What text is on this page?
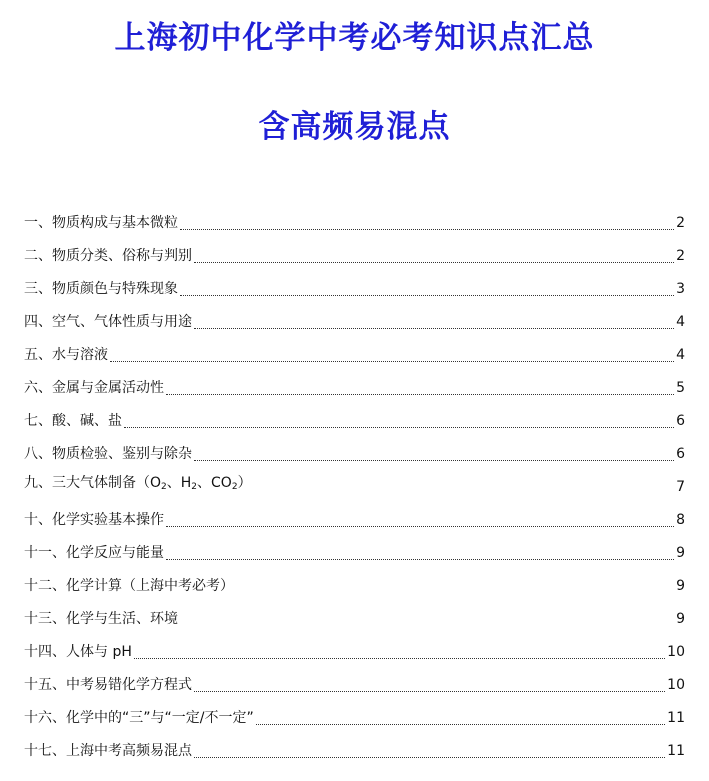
上海初中化学中考必考知识点汇总
含高频易混点
一、物质构成与基本微粒	2
二、物质分类、俗称与判别	2
三、物质颜色与特殊现象	3
四、空气、气体性质与用途	4
五、水与溶液	4
六、金属与金属活动性	5
七、酸、碱、盐	6
八、物质检验、鉴别与除杂	6
九、三大气体制备（$O_2$、$H_2$、$CO_2$）	7
十、化学实验基本操作	8
十一、化学反应与能量	9
十二、化学计算（上海中考必考）	9
十三、化学与生活、环境	9
十四、人体与 pH	10
十五、中考易错化学方程式	10
十六、化学中的“三”与“一定/不一定”	11
十七、上海中考高频易混点	11
